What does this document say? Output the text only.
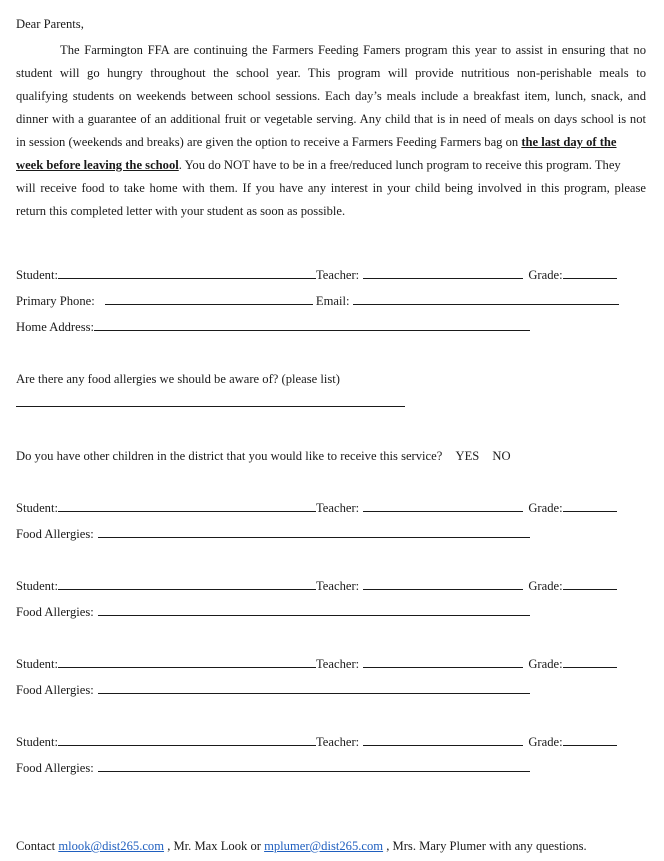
Dear Parents,
The Farmington FFA are continuing the Farmers Feeding Famers program this year to assist in ensuring that no
student will go hungry throughout the school year. This program will provide nutritious non-perishable meals to
qualifying students on weekends between school sessions. Each day’s meals include a breakfast item, lunch, snack, and
dinner with a guarantee of an additional fruit or vegetable serving. Any child that is in need of meals on days school is not
in session (weekends and breaks) are given the option to receive a Farmers Feeding Farmers bag on the last day of the
week before leaving the school. You do NOT have to be in a free/reduced lunch program to receive this program. They
will receive food to take home with them. If you have any interest in your child being involved in this program, please
return this completed letter with your student as soon as possible.
Student:	Teacher:	Grade:
Primary Phone:	Email:
Home Address:
Are there any food allergies we should be aware of? (please list)
Do you have other children in the district that you would like to receive this service? YES NO
Student:	Teacher:	Grade:
Food Allergies:
Student:	Teacher:	Grade:
Food Allergies:
Student:	Teacher:	Grade:
Food Allergies:
Student:	Teacher:	Grade:
Food Allergies:
Contact mlook@dist265.com , Mr. Max Look or mplumer@dist265.com , Mrs. Mary Plumer with any questions.
